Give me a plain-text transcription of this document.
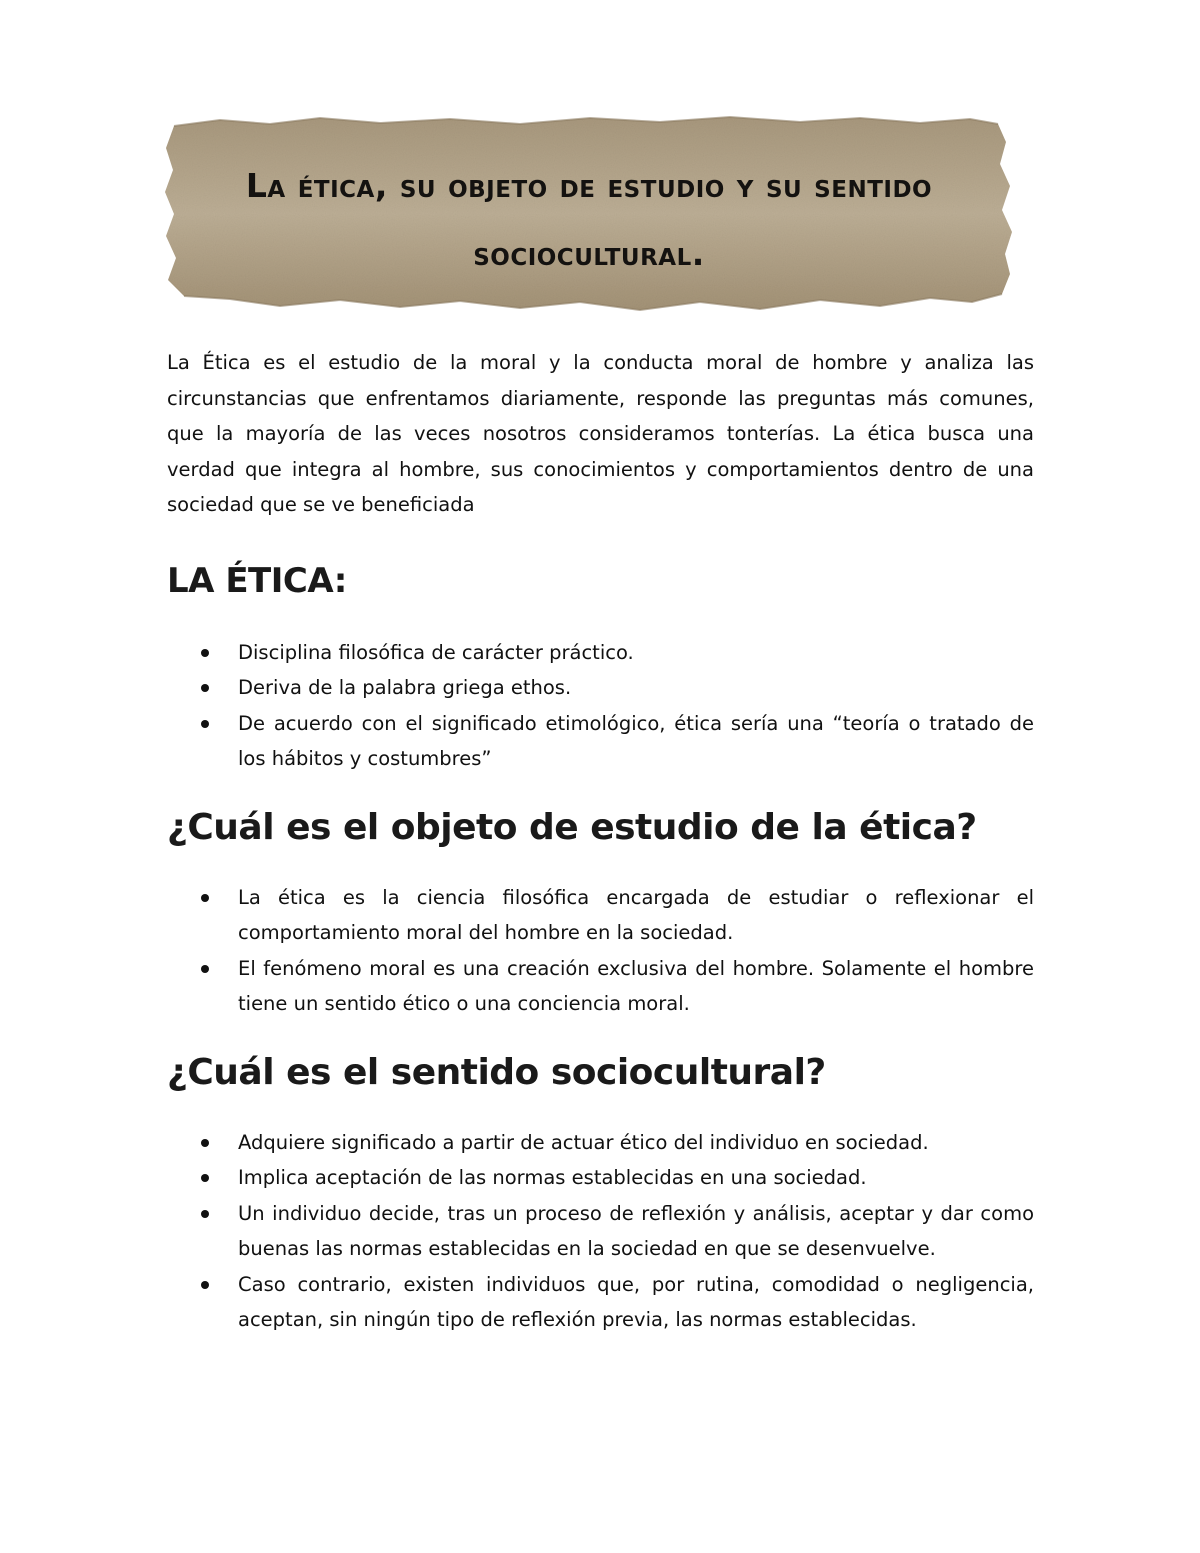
La ética, su objeto de estudio y su sentido sociocultural.

La Ética es el estudio de la moral y la conducta moral de hombre y analiza las circunstancias que enfrentamos diariamente, responde las preguntas más comunes, que la mayoría de las veces nosotros consideramos tonterías. La ética busca una verdad que integra al hombre, sus conocimientos y comportamientos dentro de una sociedad que se ve beneficiada

LA ÉTICA:
Disciplina filosófica de carácter práctico.
Deriva de la palabra griega ethos.
De acuerdo con el significado etimológico, ética sería una “teoría o tratado de los hábitos y costumbres”
¿Cuál es el objeto de estudio de la ética?
La ética es la ciencia filosófica encargada de estudiar o reflexionar el comportamiento moral del hombre en la sociedad.
El fenómeno moral es una creación exclusiva del hombre. Solamente el hombre tiene un sentido ético o una conciencia moral.
¿Cuál es el sentido sociocultural?
Adquiere significado a partir de actuar ético del individuo en sociedad.
Implica aceptación de las normas establecidas en una sociedad.
Un individuo decide, tras un proceso de reflexión y análisis, aceptar y dar como buenas las normas establecidas en la sociedad en que se desenvuelve.
Caso contrario, existen individuos que, por rutina, comodidad o negligencia, aceptan, sin ningún tipo de reflexión previa, las normas establecidas.
